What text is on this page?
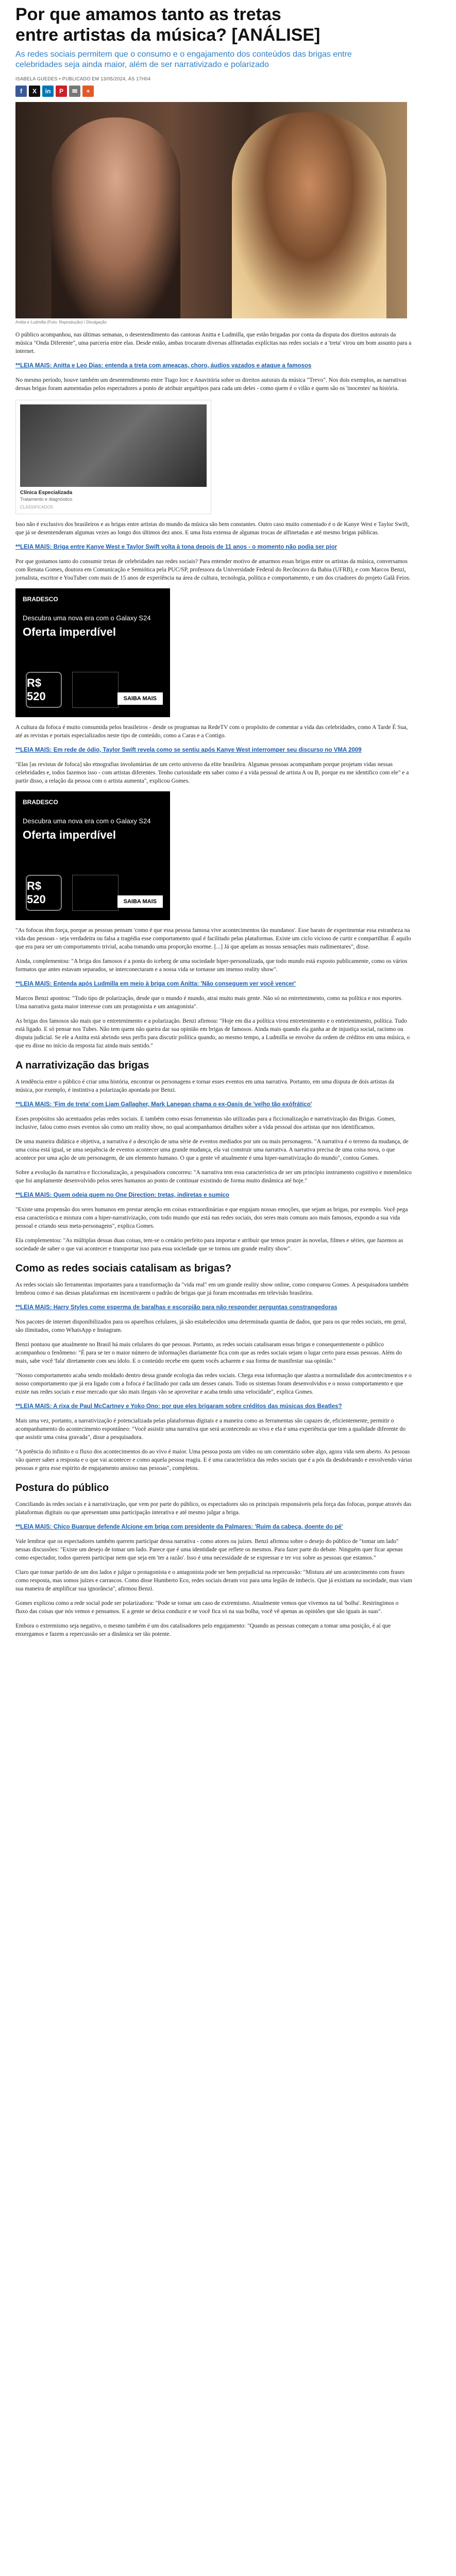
Por que amamos tanto as tretas entre artistas da música? [ANÁLISE]
As redes sociais permitem que o consumo e o engajamento dos conteúdos das brigas entre celebridades seja ainda maior, além de ser narrativizado e polarizado
ISABELA GUEDES • PUBLICADO EM 13/05/2024, ÀS 17H04
f	X	in	P	✉	+
Anitta e Ludmilla (Foto: Reprodução) / Divulgação

O público acompanhou, nas últimas semanas, o desentendimento das cantoras Anitta e Ludmilla, que estão brigadas por conta da disputa dos direitos autorais da música "Onda Diferente", uma parceria entre elas. Desde então, ambas trocaram diversas alfinetadas explícitas nas redes sociais e a 'treta' virou um bom assunto para a internet.

**LEIA MAIS: Anitta e Leo Dias: entenda a treta com ameaças, choro, áudios vazados e ataque a famosos

No mesmo período, houve também um desentendimento entre Tiago Iorc e Anavitória sobre os direitos autorais da música "Trevo". Nos dois exemplos, as narrativas dessas brigas foram aumentadas pelos espectadores a ponto de atribuir arquétipos para cada um deles - como quem é o vilão e quem são os 'inocentes' na história.

Clínica Especializada
Tratamento e diagnóstico
CLASSIFICADOS

Isso não é exclusivo dos brasileiros e as brigas entre artistas do mundo da música são bem constantes. Outro caso muito comentado é o de Kanye West e Taylor Swift, que já se desentenderam algumas vezes ao longo dos últimos dez anos. E uma lista extensa de algumas trocas de alfinetadas e até mesmo brigas públicas.

**LEIA MAIS: Briga entre Kanye West e Taylor Swift volta à tona depois de 11 anos - o momento não podia ser pior

Por que gostamos tanto do consumir tretas de celebridades nas redes sociais? Para entender motivo de amarmos essas brigas entre os artistas da música, conversamos com Renata Gomes, doutora em Comunicação e Semiótica pela PUC/SP, professora da Universidade Federal do Recôncavo da Bahia (UFRB), e com Marcos Benzi, jornalista, escritor e YouTuber com mais de 15 anos de experiência na área de cultura, tecnologia, política e comportamento, e um dos criadores do projeto Galã Feios.

BRADESCO
Descubra uma nova era com o Galaxy S24
Oferta imperdível
R$ 520	SAIBA MAIS

A cultura da fofoca é muito consumida pelos brasileiros - desde os programas na RedeTV com o propósito de comentar a vida das celebridades, como A Tarde É Sua, até as revistas e portais especializados neste tipo de conteúdo, como a Caras e a Contigo.

**LEIA MAIS: Em rede de ódio, Taylor Swift revela como se sentiu após Kanye West interromper seu discurso no VMA 2009

"Elas [as revistas de fofoca] são etnografias involuntárias de um certo universo da elite brasileira. Algumas pessoas acompanham porque projetam vidas nessas celebridades e, todos fazemos isso - com artistas diferentes. Tenho curiosidade em saber como é a vida pessoal de artista A ou B, porque eu me identifico com ele" e a partir disso, a relação da pessoa com o artista aumenta", explicou Gomes.

BRADESCO
Descubra uma nova era com o Galaxy S24
Oferta imperdível
R$ 520	SAIBA MAIS

"As fofocas têm força, porque as pessoas pensam 'como é que essa pessoa famosa vive acontecimentos tão mundanos'. Esse barato de experimentar essa estranheza na vida das pessoas - seja verdadeira ou falsa a tragédia esse comportamento qual é facilitado pelas plataformas. Existe um ciclo vicioso de curtir e compartilhar. É aquilo que era para ser um comportamento trivial, acaba tomando uma proporção enorme. [...] Já que apelam as nossas sensações mais rudimentares", disse.

Ainda, complementou: "A briga dos famosos é a ponta do iceberg de uma sociedade hiper-personalizada, que todo mundo está exposto publicamente, como os vários formatos que antes estavam separados, se interconectaram e a nossa vida se tornasse um imenso reality show".

**LEIA MAIS: Entenda após Ludmilla em meio à briga com Anitta: 'Não conseguem ver você vencer'

Marcos Benzi apontou: "Todo tipo de polarização, desde que o mundo é mundo, atrai muito mais gente. Não só no entretenimento, como na política e nos esportes. Uma narrativa gasta maior interesse com um protagonista e um antagonista".

As brigas dos famosos são mais que o entretenimento e a polarização. Benzi afirmou: "Hoje em dia a política virou entretenimento e o entretenimento, política. Tudo está ligado. E só pensar nos Tubes. Não tem quem não queira dar sua opinião em brigas de famosos. Ainda mais quando ela ganha ar de injustiça social, racismo ou disputa judicial. Se ele a Anitta está abrindo seus perfis para discutir política quando, ao mesmo tempo, a Ludmilla se envolve da ordem de créditos em uma música, o que eu disse no início da resposta faz ainda mais sentido."

A narrativização das brigas

A tendência entre o público é criar uma história, encontrar os personagens e tornar esses eventos em uma narrativa. Portanto, em uma disputa de dois artistas da música, por exemplo, é instintiva a polarização apontada por Benzi.

**LEIA MAIS: 'Fim de treta' com Liam Gallagher, Mark Lanegan chama o ex-Oasis de 'velho tão exófrático'

Esses propósitos são acentuados pelas redes sociais. E também como essas ferramentas são utilizadas para a ficcionalização e narrativização das Brigas. Gomes, inclusive, falou como esses eventos são como um reality show, no qual acompanhamos detalhes sobre a vida pessoal dos artistas que nos identificamos.

De uma maneira didática e objetiva, a narrativa é a descrição de uma série de eventos mediados por um ou mais personagens. "A narrativa é o terreno da mudança, de uma coisa está igual, se uma sequência de eventos acontecer uma grande mudança, ela vai construir uma narrativa. A narrativa precisa de uma coisa nova, o que acontece por uma ação de um personagem, de um elemento humano. O que a gente vê atualmente é uma hiper-narrativização do mundo", contou Gomes.

Sobre a evolução da narrativa e ficcionalização, a pesquisadora concorreu: "A narrativa tem essa característica de ser um princípio instrumento cognitivo e mnemônico que foi amplamente desenvolvido pelos seres humanos ao ponto de continuar existindo de forma muito dinâmica até hoje."

**LEIA MAIS: Quem odeia quem no One Direction: tretas, indiretas e sumiço

"Existe uma propensão dos seres humanos em prestar atenção em coisas extraordinárias e que engajam nossas emoções, que sejam as brigas, por exemplo. Você pega essa característica e mistura com a hiper-narrativização, com todo mundo que está nas redes sociais, dos seres mais comuns aos mais famosos, expondo a sua vida pessoal e criando seus meta-personagens", explica Gomes.

Ela complementou: "As múltiplas dessas duas coisas, tem-se o cenário perfeito para importar e atribuir que temos prazer às novelas, filmes e séries, que fazemos as sociedade de saber o que vai acontecer e transportar isso para essa sociedade que se tornou um grande reality show".

Como as redes sociais catalisam as brigas?

As redes sociais são ferramentas importantes para a transformação da "vida real" em um grande reality show online, como comparou Gomes. A pesquisadora também lembrou como é nas dessas plataformas em incentivarem o padrão de brigas que já foram encontradas em televisão brasileira.

**LEIA MAIS: Harry Styles come esperma de baralhas e escorpião para não responder perguntas constrangedoras

Nos pacotes de internet disponibilizados para os aparelhos celulares, já são estabelecidos uma determinada quantia de dados, que para os que redes sociais, em geral, são ilimitados, como WhatsApp e Instagram.

Benzi pontuou que atualmente no Brasil há mais celulares do que pessoas. Portanto, as redes sociais catalisaram essas brigas e consequentemente o público acompanhou o fenômeno: "É para se ter o maior número de informações diariamente fica com que as redes sociais sejam o lugar certo para essas pessoas. Além do mais, sabe você 'fala' diretamente com seu ídolo. E o conteúdo recebe em quem vocês acharem e sua forma de manifestar sua opinião."

"Nosso comportamento acaba sendo moldado dentro dessa grande ecologia das redes sociais. Chega essa informação que alastra a normalidade dos acontecimentos e o nosso comportamento que já era ligado com a fofoca é facilitado por cada um desses canais. Todo os sistemas foram desenvolvidos e o nosso comportamento e que existe nas redes sociais e esse mercado que são mais ilegais vão se aproveitar e acaba tendo uma velocidade", explica Gomes.

**LEIA MAIS: A rixa de Paul McCartney e Yoko Ono: por que eles brigaram sobre créditos das músicas dos Beatles?

Mais uma vez, portanto, a narrativização é potencializada pelas plataformas digitais e a maneira como as ferramentas são capazes de, eficientemente, permitir o acompanhamento do acontecimento espontâneo: "Você assistir uma narrativa que será acontecendo ao vivo e ela é uma experiência que tem a qualidade diferente do que assistir uma coisa gravada", disse a pesquisadora.

"A potência do infinito e o fluxo dos acontecimentos do ao vivo é maior. Uma pessoa posta um vídeo ou um comentário sobre algo, agora vida sem aberto. As pessoas vão querer saber a resposta e o que vai acontecer e como aquela pessoa reagiu. E é uma característica das redes sociais que é a pós da desdobrando e envolvendo várias pessoas e gera esse espirito de engajamento ansioso nas pessoas", completou.

Postura do público

Conciliando às redes sociais e à narrativização, que vem por parte do público, os espectadores são os principais responsáveis pela força das fofocas, porque através das plataformas digitais ou que apresentam uma participação interativa e até mesmo julgar a briga.

**LEIA MAIS: Chico Buarque defende Alcione em briga com presidente da Palmares: 'Ruim da cabeça, doente do pé'

Vale lembrar que os espectadores também querem participar dessa narrativa - como atores ou juízes. Benzi afirmou sobre o desejo do público de "tomar um lado" nessas discussões: "Existe um desejo de tomar um lado. Parece que é uma identidade que reflete os mesmos. Para fazer parte do debate. Ninguém quer ficar apenas como espectador, todos querem participar nem que seja em 'ter a razão'. Isso é uma necessidade de se expressar e ter voz sobre as pessoas que estamos."

Claro que tomar partido de um dos lados e julgar o protagonista e o antagonista pode ser bem prejudicial na repercussão: "Mistura até um acontecimento com frases como resposta, mas somos juízes e carrascos. Como disse Humberto Eco, redes sociais deram voz para uma legião de imbecis. Que já existiam na sociedade, mas viam sua maneira de amplificar sua ignorância", afirmou Benzi.

Gomes explicou como a rede social pode ser polarizadora: "Pode se tornar um caso de extremismo. Atualmente vemos que vivemos na tal 'bolha'. Restringimos o fluxo das coisas que nós vemos e pensamos. E a gente se deixa conduzir e se você fica só na sua bolha, você vê apenas as opiniões que são iguais às suas".

Embora o extremismo seja negativo, o mesmo também é um dos catalisadores pelo engajamento: "Quando as pessoas começam a tomar uma posição, é aí que enxergamos e fazem a repercussão ser a dinâmica ser tão potente.
